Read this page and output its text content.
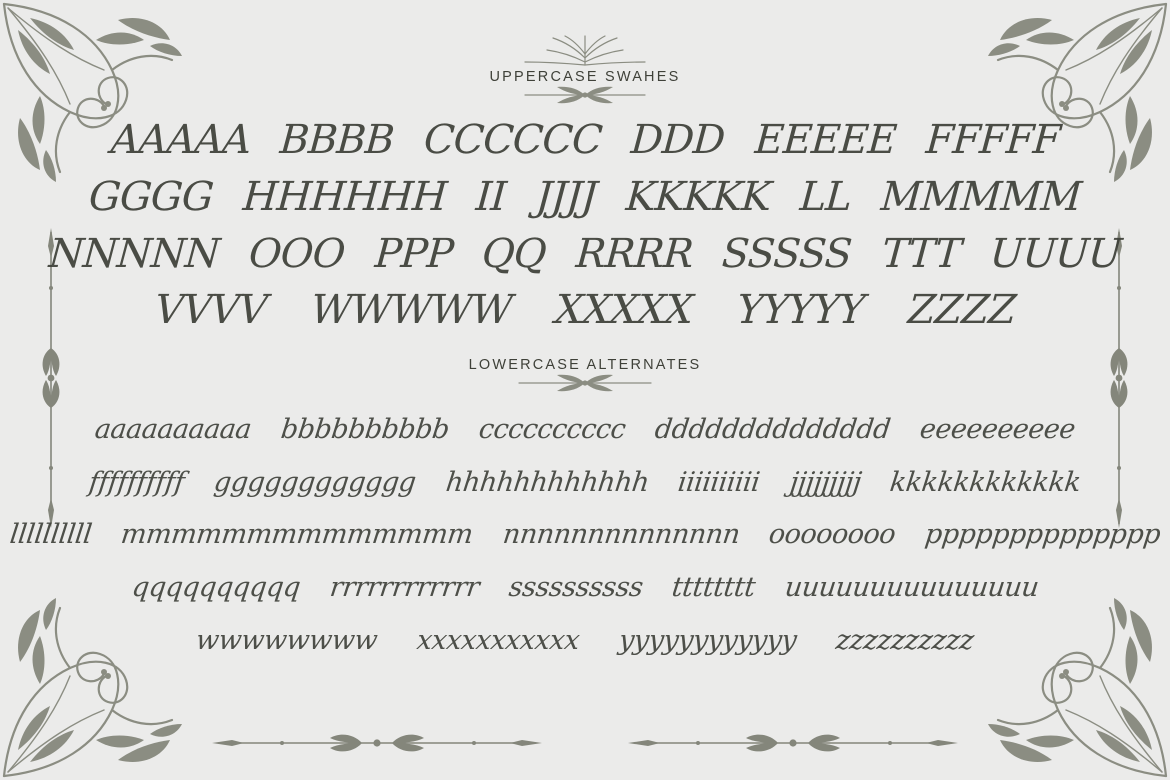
UPPERCASE SWAHES
AAAAA BBBB CCCCCC DDD EEEEE FFFFF
GGGG HHHHHH II JJJJ KKKKK LL MMMMM
NNNNN OOO PPP QQ RRRR SSSSS TTT UUUU
VVVV WWWWW XXXXX YYYYY ZZZZ
LOWERCASE ALTERNATES
aaaaaaaaaa bbbbbbbbbb cccccccccc dddddddddddddd eeeeeeeeee
ffffffffff gggggggggggg hhhhhhhhhhhh iiiiiiiiii jjjjjjjjj kkkkkkkkkkkk
llllllllll mmmmmmmmmmmmmm nnnnnnnnnnnnnn oooooooo pppppppppppppp
qqqqqqqqqq rrrrrrrrrrrr ssssssssss tttttttt uuuuuuuuuuuuuuu
wwwwwwww xxxxxxxxxxx yyyyyyyyyyyy zzzzzzzzzz
